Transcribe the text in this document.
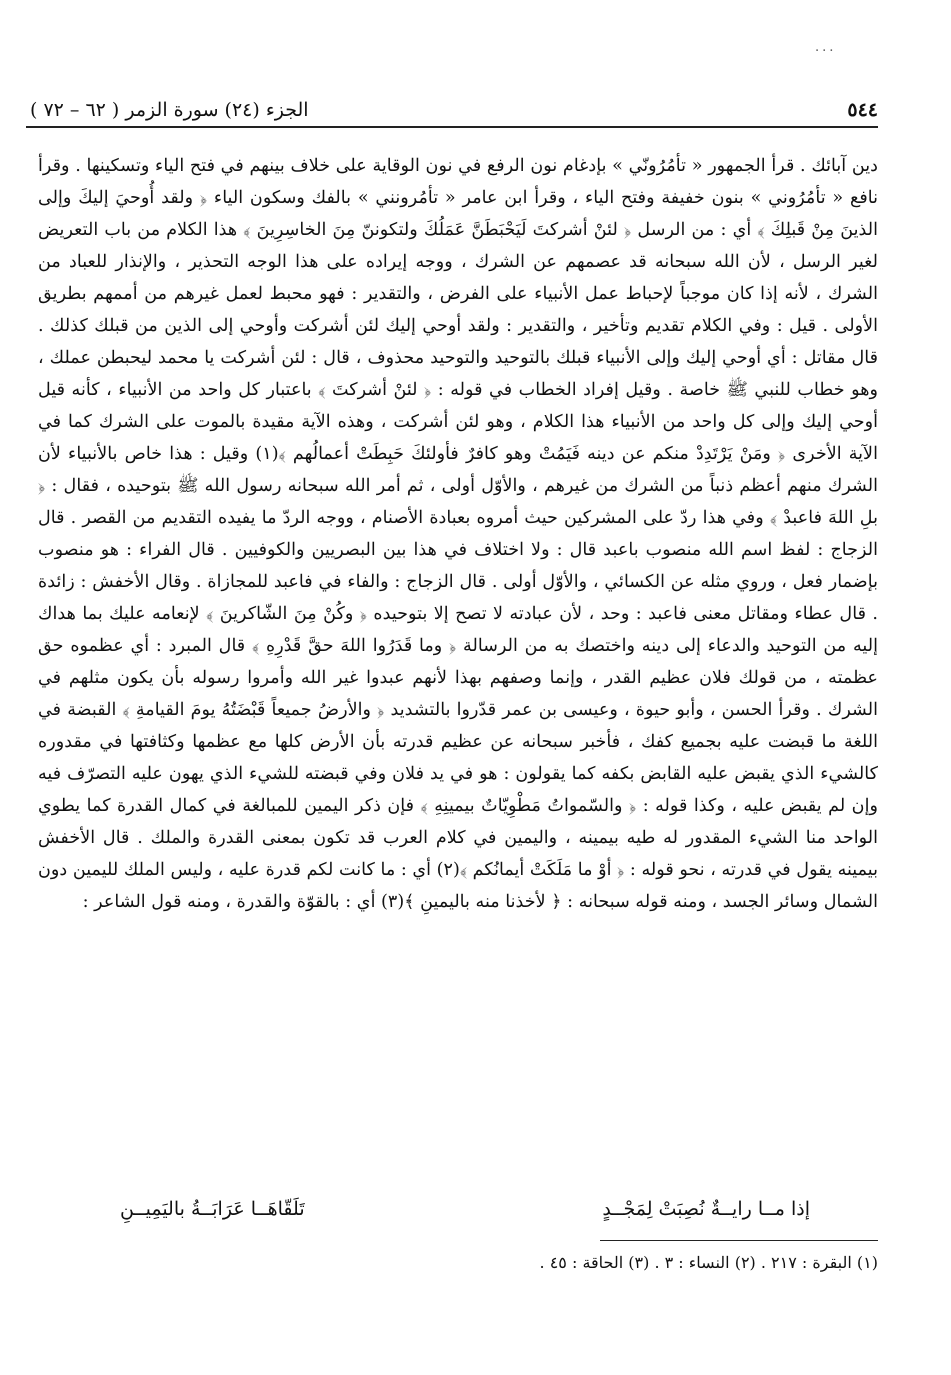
...
٥٤٤
الجزء (٢٤) سورة الزمر ( ٦٢ – ٧٢ )

دين آبائك . قرأ الجمهور « تأمُرُونّي » بإدغام نون الرفع في نون الوقاية على خلاف بينهم في فتح الياء وتسكينها . وقرأ نافع « تأمُرُوني » بنون خفيفة وفتح الياء ، وقرأ ابن عامر « تأمُرونني » بالفك وسكون الياء ﴿ ولقد أُوحيَ إليكَ وإلى الذينَ مِنْ قَبلِكَ ﴾ أي : من الرسل ﴿ لئنْ أشركتَ لَيَحْبَطَنَّ عَمَلُكَ ولتكوننّ مِنَ الخاسِرِينَ ﴾ هذا الكلام من باب التعريض لغير الرسل ، لأن الله سبحانه قد عصمهم عن الشرك ، ووجه إيراده على هذا الوجه التحذير ، والإنذار للعباد من الشرك ، لأنه إذا كان موجباً لإحباط عمل الأنبياء على الفرض ، والتقدير : فهو محبط لعمل غيرهم من أممهم بطريق الأولى . قيل : وفي الكلام تقديم وتأخير ، والتقدير : ولقد أوحي إليك لئن أشركت وأوحي إلى الذين من قبلك كذلك . قال مقاتل : أي أوحي إليك وإلى الأنبياء قبلك بالتوحيد والتوحيد محذوف ، قال : لئن أشركت يا محمد ليحبطن عملك ، وهو خطاب للنبي ﷺ خاصة . وقيل إفراد الخطاب في قوله : ﴿ لئنْ أشركتَ ﴾ باعتبار كل واحد من الأنبياء ، كأنه قيل أوحي إليك وإلى كل واحد من الأنبياء هذا الكلام ، وهو لئن أشركت ، وهذه الآية مقيدة بالموت على الشرك كما في الآية الأخرى ﴿ ومَنْ يَرْتَدِدْ منكم عن دينه فَيَمُتْ وهو كافرٌ فأولئكَ حَبِطَتْ أعمالُهم ﴾(١) وقيل : هذا خاص بالأنبياء لأن الشرك منهم أعظم ذنباً من الشرك من غيرهم ، والأوّل أولى ، ثم أمر الله سبحانه رسول الله ﷺ بتوحيده ، فقال : ﴿ بلِ اللهَ فاعبدْ ﴾ وفي هذا ردّ على المشركين حيث أمروه بعبادة الأصنام ، ووجه الردّ ما يفيده التقديم من القصر . قال الزجاج : لفظ اسم الله منصوب باعبد قال : ولا اختلاف في هذا بين البصريين والكوفيين . قال الفراء : هو منصوب بإضمار فعل ، وروي مثله عن الكسائي ، والأوّل أولى . قال الزجاج : والفاء في فاعبد للمجازاة . وقال الأخفش : زائدة . قال عطاء ومقاتل معنى فاعبد : وحد ، لأن عبادته لا تصح إلا بتوحيده ﴿ وكُنْ مِنَ الشّاكرينَ ﴾ لإنعامه عليك بما هداك إليه من التوحيد والدعاء إلى دينه واختصك به من الرسالة ﴿ وما قَدَرُوا اللهَ حقَّ قَدْرِهِ ﴾ قال المبرد : أي عظموه حق عظمته ، من قولك فلان عظيم القدر ، وإنما وصفهم بهذا لأنهم عبدوا غير الله وأمروا رسوله بأن يكون مثلهم في الشرك . وقرأ الحسن ، وأبو حيوة ، وعيسى بن عمر قدّروا بالتشديد ﴿ والأرضُ جميعاً قَبْضَتُهُ يومَ القيامةِ ﴾ القبضة في اللغة ما قبضت عليه بجميع كفك ، فأخبر سبحانه عن عظيم قدرته بأن الأرض كلها مع عظمها وكثافتها في مقدوره كالشيء الذي يقبض عليه القابض بكفه كما يقولون : هو في يد فلان وفي قبضته للشيء الذي يهون عليه التصرّف فيه وإن لم يقبض عليه ، وكذا قوله : ﴿ والسّمواتُ مَطْوِيّاتٌ بيمينِهِ ﴾ فإن ذكر اليمين للمبالغة في كمال القدرة كما يطوي الواحد منا الشيء المقدور له طيه بيمينه ، واليمين في كلام العرب قد تكون بمعنى القدرة والملك . قال الأخفش بيمينه يقول في قدرته ، نحو قوله : ﴿ أوْ ما مَلَكَتْ أيمانُكم ﴾(٢) أي : ما كانت لكم قدرة عليه ، وليس الملك لليمين دون الشمال وسائر الجسد ، ومنه قوله سبحانه : ﴿ لأخذنا منه باليمينِ ﴾(٣) أي : بالقوّة والقدرة ، ومنه قول الشاعر :

إذا مــا رايــةٌ نُصِبَتْ لِمَجْــدٍ
تَلَقّاهَــا عَرَابَــةُ باليَمِيــنِ
(١) البقرة : ٢١٧ . (٢) النساء : ٣ . (٣) الحاقة : ٤٥ .
